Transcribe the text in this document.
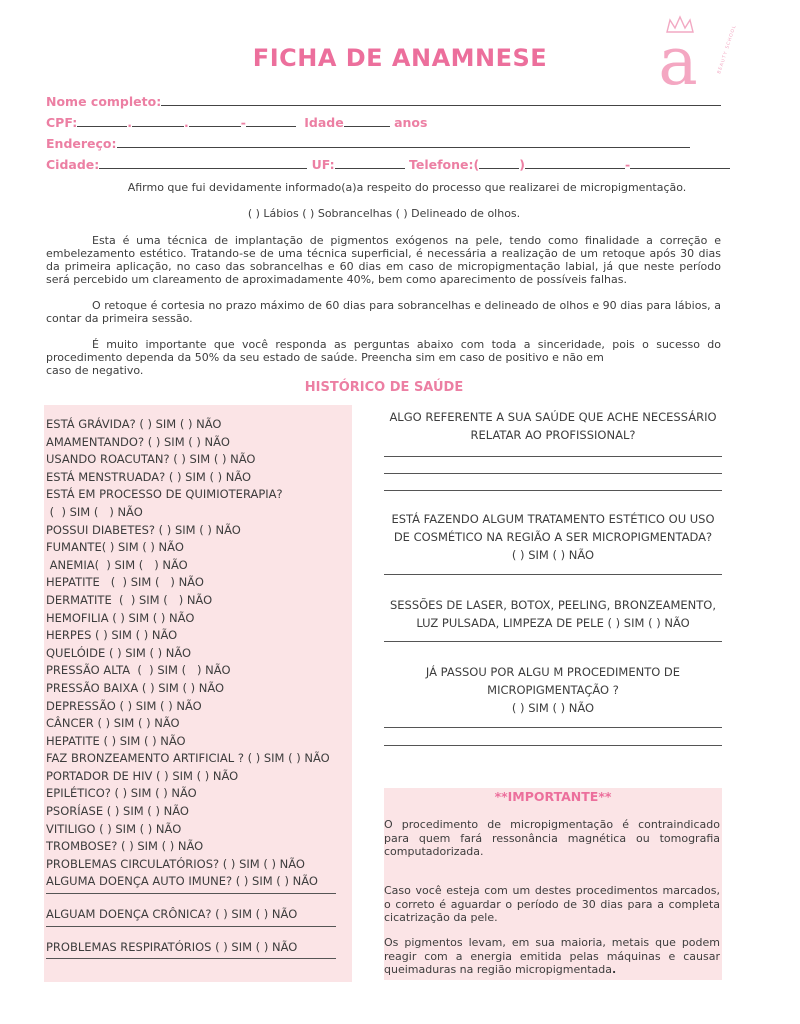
FICHA DE ANAMNESE	a	BEAUTY SCHOOL
Nome completo:
CPF:	.	.	-	Idade	anos
Endereço:
Cidade:	UF:	Telefone:(	)	-
Afirmo que fui devidamente informado(a)a respeito do processo que realizarei de micropigmentação.
( ) Lábios ( ) Sobrancelhas ( ) Delineado de olhos.
Esta é uma técnica de implantação de pigmentos exógenos na pele, tendo como finalidade a correção e embelezamento estético. Tratando-se de uma técnica superficial, é necessária a realização de um retoque após 30 dias da primeira aplicação, no caso das sobrancelhas e 60 dias em caso de micropigmentação labial, já que neste período será percebido um clareamento de aproximadamente 40%, bem como aparecimento de possíveis falhas.
O retoque é cortesia no prazo máximo de 60 dias para sobrancelhas e delineado de olhos e 90 dias para lábios, a contar da primeira sessão.
É muito importante que você responda as perguntas abaixo com toda a sinceridade, pois o sucesso do procedimento dependa da 50% da seu estado de saúde. Preencha sim em caso de positivo e não em
caso de negativo.
HISTÓRICO DE SAÚDE
ESTÁ GRÁVIDA? ( ) SIM ( ) NÃO
AMAMENTANDO? ( ) SIM ( ) NÃO
USANDO ROACUTAN? ( ) SIM ( ) NÃO
ESTÁ MENSTRUADA? ( ) SIM ( ) NÃO
ESTÁ EM PROCESSO DE QUIMIOTERAPIA?
(  ) SIM (   ) NÃO
POSSUI DIABETES? ( ) SIM ( ) NÃO
FUMANTE( ) SIM ( ) NÃO
ANEMIA(  ) SIM (   ) NÃO
HEPATITE   (  ) SIM (   ) NÃO
DERMATITE  (  ) SIM (   ) NÃO
HEMOFILIA ( ) SIM ( ) NÃO
HERPES ( ) SIM ( ) NÃO
QUELÓIDE ( ) SIM ( ) NÃO
PRESSÃO ALTA  (  ) SIM (   ) NÃO
PRESSÃO BAIXA ( ) SIM ( ) NÃO
DEPRESSÃO ( ) SIM ( ) NÃO
CÂNCER ( ) SIM ( ) NÃO
HEPATITE ( ) SIM ( ) NÃO
FAZ BRONZEAMENTO ARTIFICIAL ? ( ) SIM ( ) NÃO
PORTADOR DE HIV ( ) SIM ( ) NÃO
EPILÉTICO? ( ) SIM ( ) NÃO
PSORÍASE ( ) SIM ( ) NÃO
VITILIGO ( ) SIM ( ) NÃO
TROMBOSE? ( ) SIM ( ) NÃO
PROBLEMAS CIRCULATÓRIOS? ( ) SIM ( ) NÃO
ALGUMA DOENÇA AUTO IMUNE? ( ) SIM ( ) NÃO
ALGUAM DOENÇA CRÔNICA? ( ) SIM ( ) NÃO
PROBLEMAS RESPIRATÓRIOS ( ) SIM ( ) NÃO
ALGO REFERENTE A SUA SAÚDE QUE ACHE NECESSÁRIO
RELATAR AO PROFISSIONAL?
ESTÁ FAZENDO ALGUM TRATAMENTO ESTÉTICO OU USO
DE COSMÉTICO NA REGIÃO A SER MICROPIGMENTADA?
( ) SIM ( ) NÃO
SESSÕES DE LASER, BOTOX, PEELING, BRONZEAMENTO,
LUZ PULSADA, LIMPEZA DE PELE ( ) SIM ( ) NÃO
JÁ PASSOU POR ALGU M PROCEDIMENTO DE
MICROPIGMENTAÇÃO ?
( ) SIM ( ) NÃO
**IMPORTANTE**
O procedimento de micropigmentação é contraindicado para quem fará ressonância magnética ou tomografia computadorizada.
Caso você esteja com um destes procedimentos marcados, o correto é aguardar o período de 30 dias para a completa cicatrização da pele.
Os pigmentos levam, em sua maioria, metais que podem reagir com a energia emitida pelas máquinas e causar queimaduras na região micropigmentada.
